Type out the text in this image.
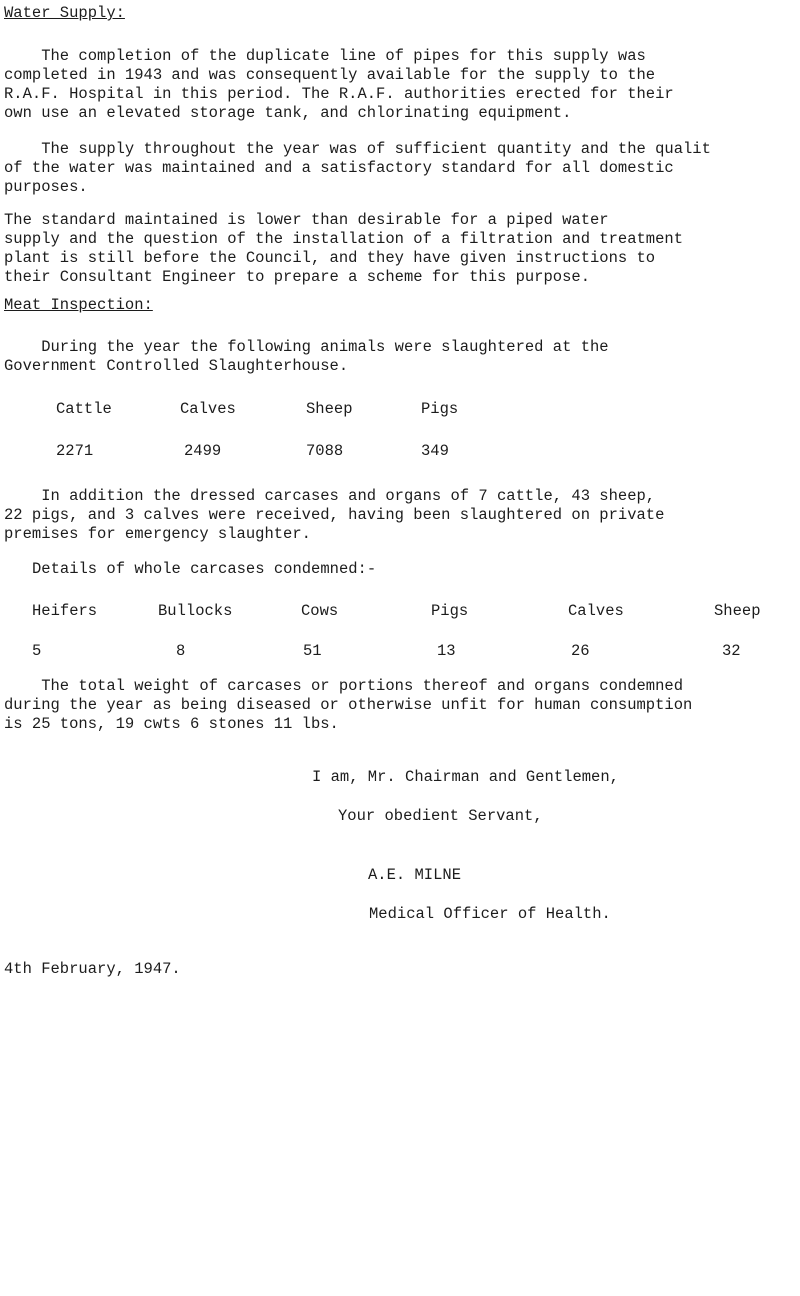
Water Supply:
The completion of the duplicate line of pipes for this supply was
completed in 1943 and was consequently available for the supply to the
R.A.F. Hospital in this period. The R.A.F. authorities erected for their
own use an elevated storage tank, and chlorinating equipment.
The supply throughout the year was of sufficient quantity and the qualit
of the water was maintained and a satisfactory standard for all domestic
purposes.
The standard maintained is lower than desirable for a piped water
supply and the question of the installation of a filtration and treatment
plant is still before the Council, and they have given instructions to
their Consultant Engineer to prepare a scheme for this purpose.
Meat Inspection:
During the year the following animals were slaughtered at the
Government Controlled Slaughterhouse.
Cattle	Calves	Sheep	Pigs
2271	2499	7088	349
In addition the dressed carcases and organs of 7 cattle, 43 sheep,
22 pigs, and 3 calves were received, having been slaughtered on private
premises for emergency slaughter.
Details of whole carcases condemned:-
Heifers	Bullocks	Cows	Pigs	Calves	Sheep
5	8	51	13	26	32
The total weight of carcases or portions thereof and organs condemned
during the year as being diseased or otherwise unfit for human consumption
is 25 tons, 19 cwts 6 stones 11 lbs.
I am, Mr. Chairman and Gentlemen,
Your obedient Servant,
A.E. MILNE
Medical Officer of Health.
4th February, 1947.
